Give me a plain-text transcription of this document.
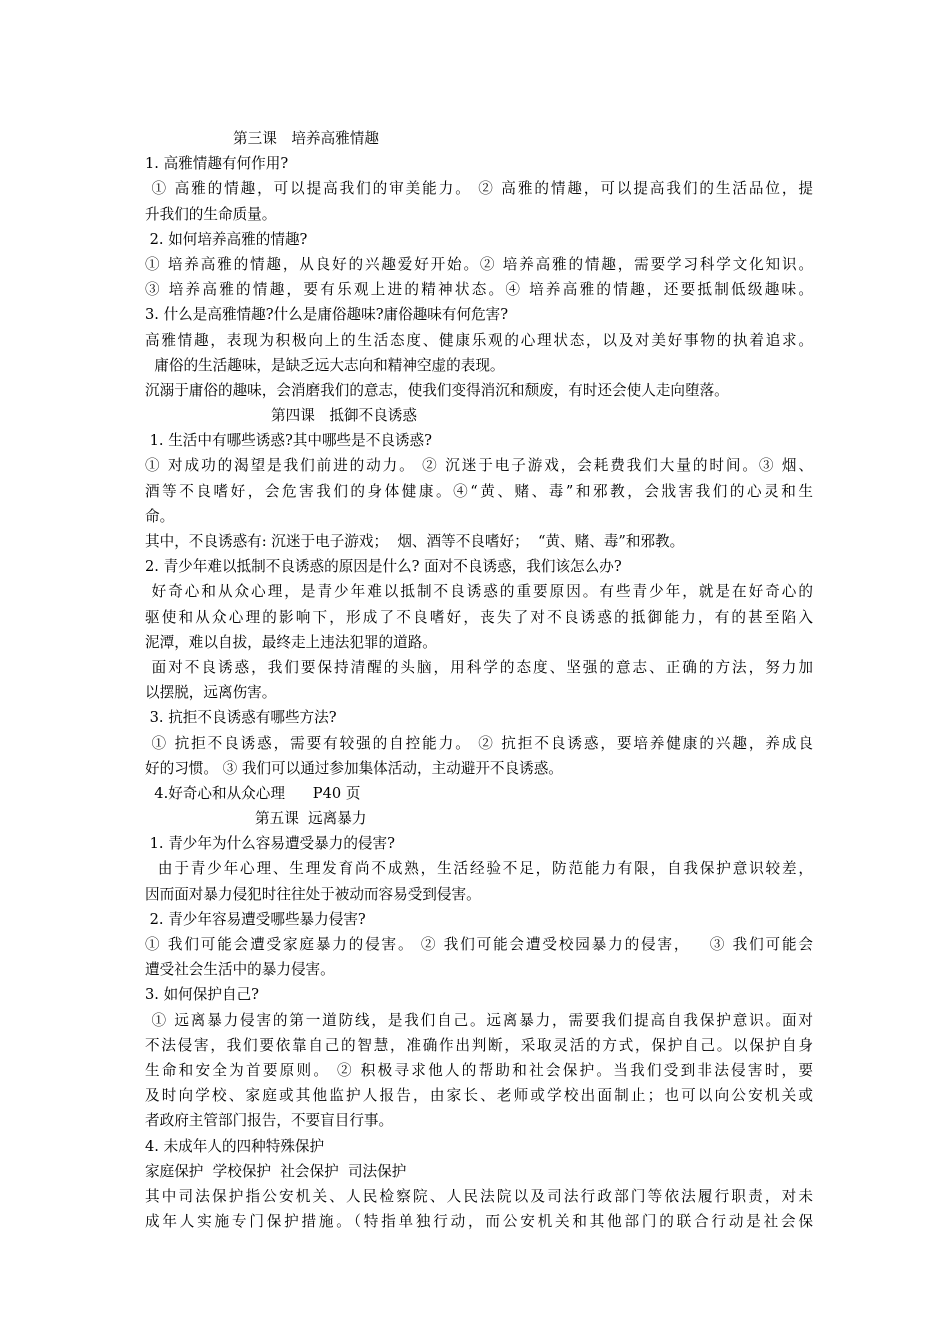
第三课　培养高雅情趣
1. 高雅情趣有何作用?
① 高雅的情趣，可以提高我们的审美能力。 ② 高雅的情趣，可以提高我们的生活品位，提
升我们的生命质量。
2. 如何培养高雅的情趣?
① 培养高雅的情趣，从良好的兴趣爱好开始。② 培养高雅的情趣，需要学习科学文化知识。
③ 培养高雅的情趣，要有乐观上进的精神状态。④ 培养高雅的情趣，还要抵制低级趣味。
3. 什么是高雅情趣?什么是庸俗趣味?庸俗趣味有何危害?
高雅情趣，表现为积极向上的生活态度、健康乐观的心理状态，以及对美好事物的执着追求。
庸俗的生活趣味，是缺乏远大志向和精神空虚的表现。
沉溺于庸俗的趣味，会消磨我们的意志，使我们变得消沉和颓废，有时还会使人走向堕落。
第四课　抵御不良诱惑
1. 生活中有哪些诱惑?其中哪些是不良诱惑?
① 对成功的渴望是我们前进的动力。 ② 沉迷于电子游戏，会耗费我们大量的时间。③ 烟、
酒等不良嗜好，会危害我们的身体健康。④“黄、赌、毒”和邪教，会戕害我们的心灵和生
命。
其中，不良诱惑有: 沉迷于电子游戏；  烟、酒等不良嗜好；  “黄、赌、毒”和邪教。
2. 青少年难以抵制不良诱惑的原因是什么? 面对不良诱惑，我们该怎么办?
好奇心和从众心理，是青少年难以抵制不良诱惑的重要原因。有些青少年，就是在好奇心的
驱使和从众心理的影响下，形成了不良嗜好，丧失了对不良诱惑的抵御能力，有的甚至陷入
泥潭，难以自拔，最终走上违法犯罪的道路。
面对不良诱惑，我们要保持清醒的头脑，用科学的态度、坚强的意志、正确的方法，努力加
以摆脱，远离伤害。
3. 抗拒不良诱惑有哪些方法?
① 抗拒不良诱惑，需要有较强的自控能力。 ② 抗拒不良诱惑，要培养健康的兴趣，养成良
好的习惯。 ③ 我们可以通过参加集体活动，主动避开不良诱惑。
4.好奇心和从众心理      P40 页
第五课  远离暴力
1. 青少年为什么容易遭受暴力的侵害?
由于青少年心理、生理发育尚不成熟，生活经验不足，防范能力有限，自我保护意识较差，
因而面对暴力侵犯时往往处于被动而容易受到侵害。
2. 青少年容易遭受哪些暴力侵害?
① 我们可能会遭受家庭暴力的侵害。 ② 我们可能会遭受校园暴力的侵害，   ③ 我们可能会
遭受社会生活中的暴力侵害。
3. 如何保护自己?
① 远离暴力侵害的第一道防线，是我们自己。远离暴力，需要我们提高自我保护意识。面对
不法侵害，我们要依靠自己的智慧，准确作出判断，采取灵活的方式，保护自己。以保护自身
生命和安全为首要原则。 ② 积极寻求他人的帮助和社会保护。当我们受到非法侵害时，要
及时向学校、家庭或其他监护人报告，由家长、老师或学校出面制止；也可以向公安机关或
者政府主管部门报告，不要盲目行事。
4. 未成年人的四种特殊保护
家庭保护  学校保护  社会保护  司法保护
其中司法保护指公安机关、人民检察院、人民法院以及司法行政部门等依法履行职责，对未
成年人实施专门保护措施。（特指单独行动，而公安机关和其他部门的联合行动是社会保
